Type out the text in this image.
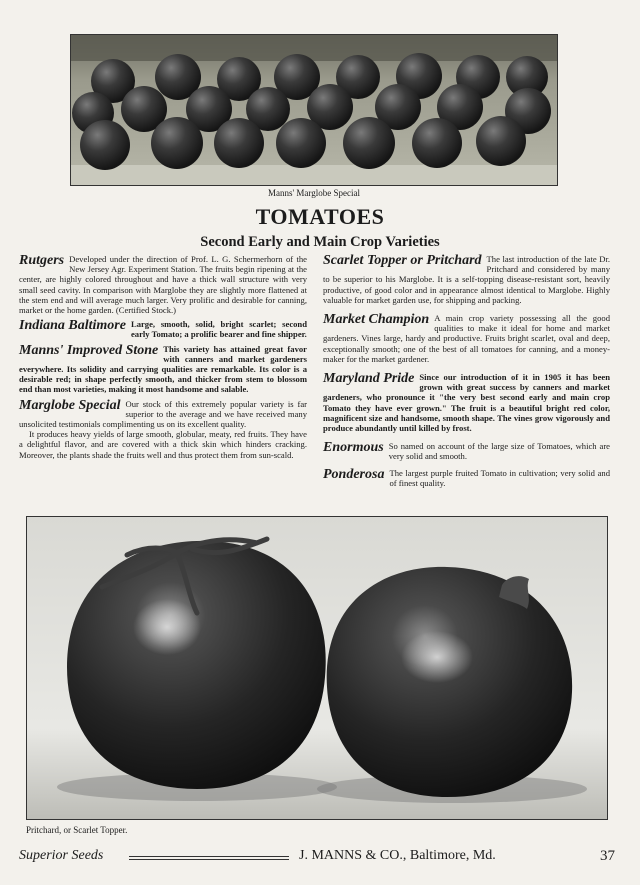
Manns' Marglobe Special
TOMATOES
Second Early and Main Crop Varieties
Rutgers Developed under the direction of Prof. L. G. Schermerhorn of the New Jersey Agr. Experiment Station. The fruits begin ripening at the center, are highly colored throughout and have a thick wall structure with very small seed cavity. In comparison with Marglobe they are slightly more flattened at the stem end and will average much larger. Very prolific and desirable for canning, market or the home garden. (Certified Stock.)
Indiana Baltimore Large, smooth, solid, bright scarlet; second early Tomato; a prolific bearer and fine shipper.
Manns' Improved Stone This variety has attained great favor with canners and market gardeners everywhere. Its solidity and carrying qualities are remarkable. Its color is a desirable red; in shape perfectly smooth, and thicker from stem to blossom end than most varieties, making it most handsome and salable.
Marglobe Special Our stock of this extremely popular variety is far superior to the average and we have received many unsolicited testimonials complimenting us on its excellent quality.
It produces heavy yields of large smooth, globular, meaty, red fruits. They have a delightful flavor, and are covered with a thick skin which hinders cracking. Moreover, the plants shade the fruits well and thus protect them from sun-scald.
Scarlet Topper or Pritchard The last introduction of the late Dr. Pritchard and considered by many to be superior to his Marglobe. It is a self-topping disease-resistant sort, heavily productive, of good color and in appearance almost identical to Marglobe. Highly valuable for market garden use, for shipping and packing.
Market Champion A main crop variety possessing all the good qualities to make it ideal for home and market gardeners. Vines large, hardy and productive. Fruits bright scarlet, oval and deep, exceptionally smooth; one of the best of all tomatoes for canning, and a money-maker for the market gardener.
Maryland Pride Since our introduction of it in 1905 it has been grown with great success by canners and market gardeners, who pronounce it "the very best second early and main crop Tomato they have ever grown." The fruit is a beautiful bright red color, magnificent size and handsome, smooth shape. The vines grow vigorously and produce abundantly until killed by frost.
Enormous So named on account of the large size of Tomatoes, which are very solid and smooth.
Ponderosa The largest purple fruited Tomato in cultivation; very solid and of finest quality.
Pritchard, or Scarlet Topper.
Superior Seeds	J. MANNS & CO., Baltimore, Md.	37
